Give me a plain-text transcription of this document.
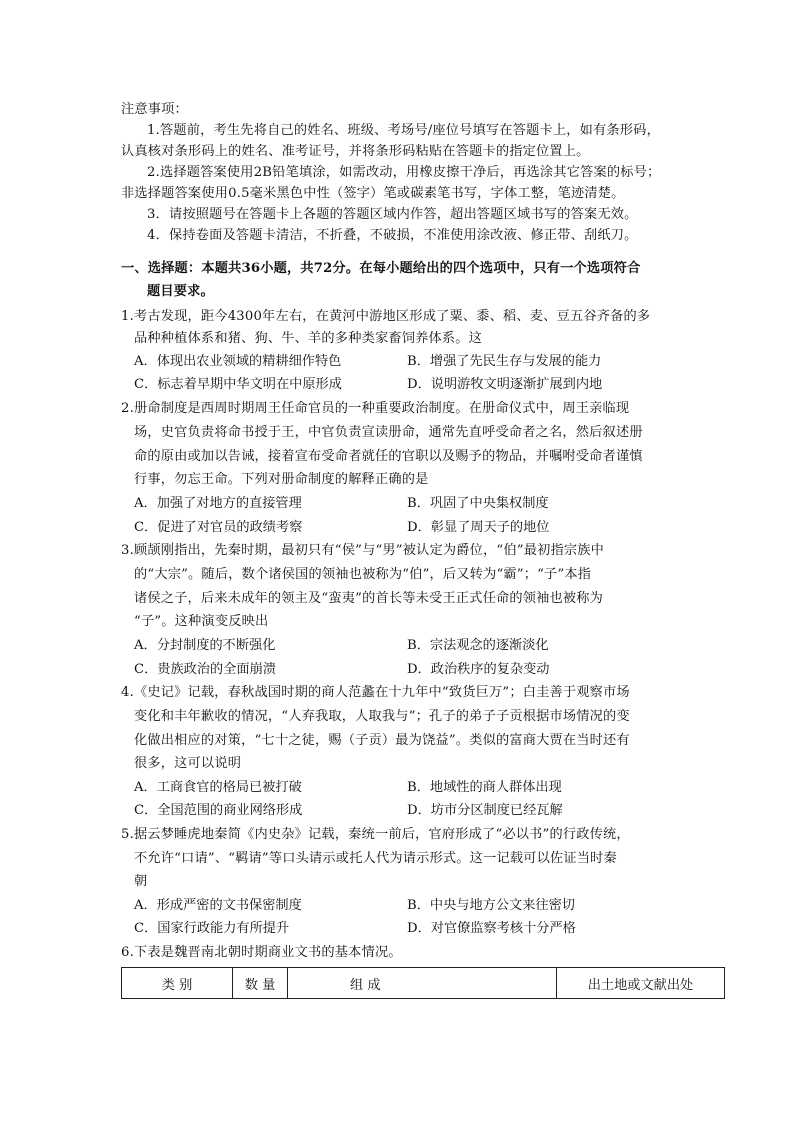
注意事项：
1.答题前，考生先将自己的姓名、班级、考场号/座位号填写在答题卡上，如有条形码，
认真核对条形码上的姓名、准考证号，并将条形码粘贴在答题卡的指定位置上。
2.选择题答案使用2B铅笔填涂，如需改动，用橡皮擦干净后，再选涂其它答案的标号；
非选择题答案使用0.5毫米黑色中性（签字）笔或碳素笔书写，字体工整，笔迹清楚。
3．请按照题号在答题卡上各题的答题区域内作答，超出答题区域书写的答案无效。
4．保持卷面及答题卡清洁，不折叠，不破损，不准使用涂改液、修正带、刮纸刀。
一、选择题：本题共36小题，共72分。在每小题给出的四个选项中，只有一个选项符合
题目要求。
1.考古发现，距今4300年左右，在黄河中游地区形成了粟、黍、稻、麦、豆五谷齐备的多
品种种植体系和猪、狗、牛、羊的多种类家畜饲养体系。这
A．体现出农业领域的精耕细作特色	B．增强了先民生存与发展的能力
C．标志着早期中华文明在中原形成	D．说明游牧文明逐渐扩展到内地
2.册命制度是西周时期周王任命官员的一种重要政治制度。在册命仪式中，周王亲临现
场，史官负责将命书授于王，中官负责宣读册命，通常先直呼受命者之名，然后叙述册
命的原由或加以告诫，接着宣布受命者就任的官职以及赐予的物品，并嘱咐受命者谨慎
行事，勿忘王命。下列对册命制度的解释正确的是
A．加强了对地方的直接管理	B．巩固了中央集权制度
C．促进了对官员的政绩考察	D．彰显了周天子的地位
3.顾颉刚指出，先秦时期，最初只有“侯”与“男”被认定为爵位，“伯”最初指宗族中
的“大宗”。随后，数个诸侯国的领袖也被称为“伯”，后又转为“霸”；“子”本指
诸侯之子，后来未成年的领主及“蛮夷”的首长等未受王正式任命的领袖也被称为
“子”。这种演变反映出
A．分封制度的不断强化	B．宗法观念的逐渐淡化
C．贵族政治的全面崩溃	D．政治秩序的复杂变动
4.《史记》记载，春秋战国时期的商人范蠡在十九年中“致货巨万”；白圭善于观察市场
变化和丰年歉收的情况，“人弃我取，人取我与”；孔子的弟子子贡根据市场情况的变
化做出相应的对策，“七十之徒，赐（子贡）最为饶益”。类似的富商大贾在当时还有
很多，这可以说明
A．工商食官的格局已被打破	B．地域性的商人群体出现
C．全国范围的商业网络形成	D．坊市分区制度已经瓦解
5.据云梦睡虎地秦简《内史杂》记载，秦统一前后，官府形成了“必以书”的行政传统，
不允许“口请”、“羁请”等口头请示或托人代为请示形式。这一记载可以佐证当时秦
朝
A．形成严密的文书保密制度	B．中央与地方公文来往密切
C．国家行政能力有所提升	D．对官僚监察考核十分严格
6.下表是魏晋南北朝时期商业文书的基本情况。
类 别	数 量	组 成	出土地或文献出处
